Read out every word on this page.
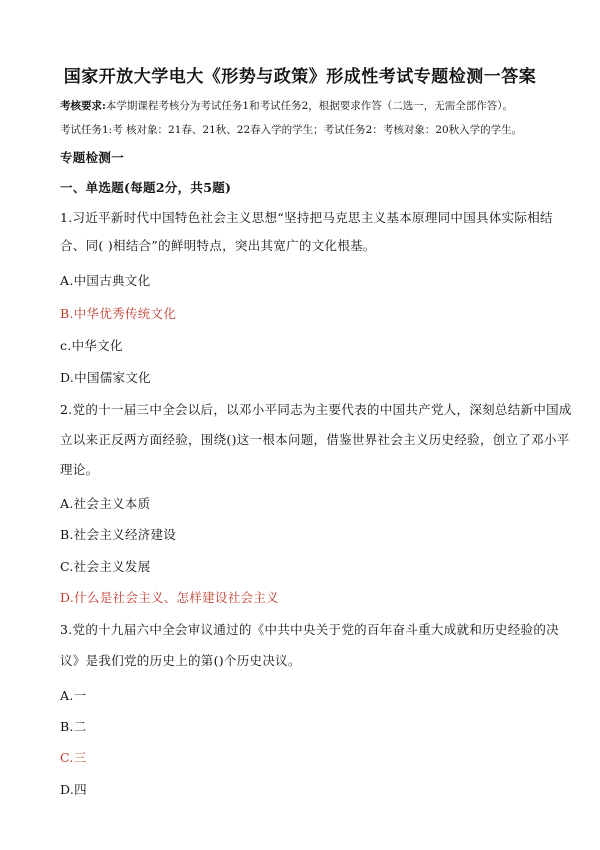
国家开放大学电大《形势与政策》形成性考试专题检测一答案
考核要求:本学期课程考核分为考试任务1和考试任务2，根据要求作答（二选一，无需全部作答）。
考试任务1:考 核对象：21春、21秋、22春入学的学生；考试任务2：考核对象：20秋入学的学生。
专题检测一
一、单选题(每题2分，共5题)
1.习近平新时代中国特色社会主义思想“坚持把马克思主义基本原理同中国具体实际相结
合、同( )相结合”的鲜明特点，突出其宽广的文化根基。
A.中国古典文化
B.中华优秀传统文化
c.中华文化
D.中国儒家文化
2.党的十一届三中全会以后，以邓小平同志为主要代表的中国共产党人，深刻总结新中国成
立以来正反两方面经验，围绕()这一根本问题，借鉴世界社会主义历史经验，创立了邓小平
理论。
A.社会主义本质
B.社会主义经济建设
C.社会主义发展
D.什么是社会主义、怎样建设社会主义
3.党的十九届六中全会审议通过的《中共中央关于党的百年奋斗重大成就和历史经验的决
议》是我们党的历史上的第()个历史决议。
A.一
B.二
C.三
D.四
